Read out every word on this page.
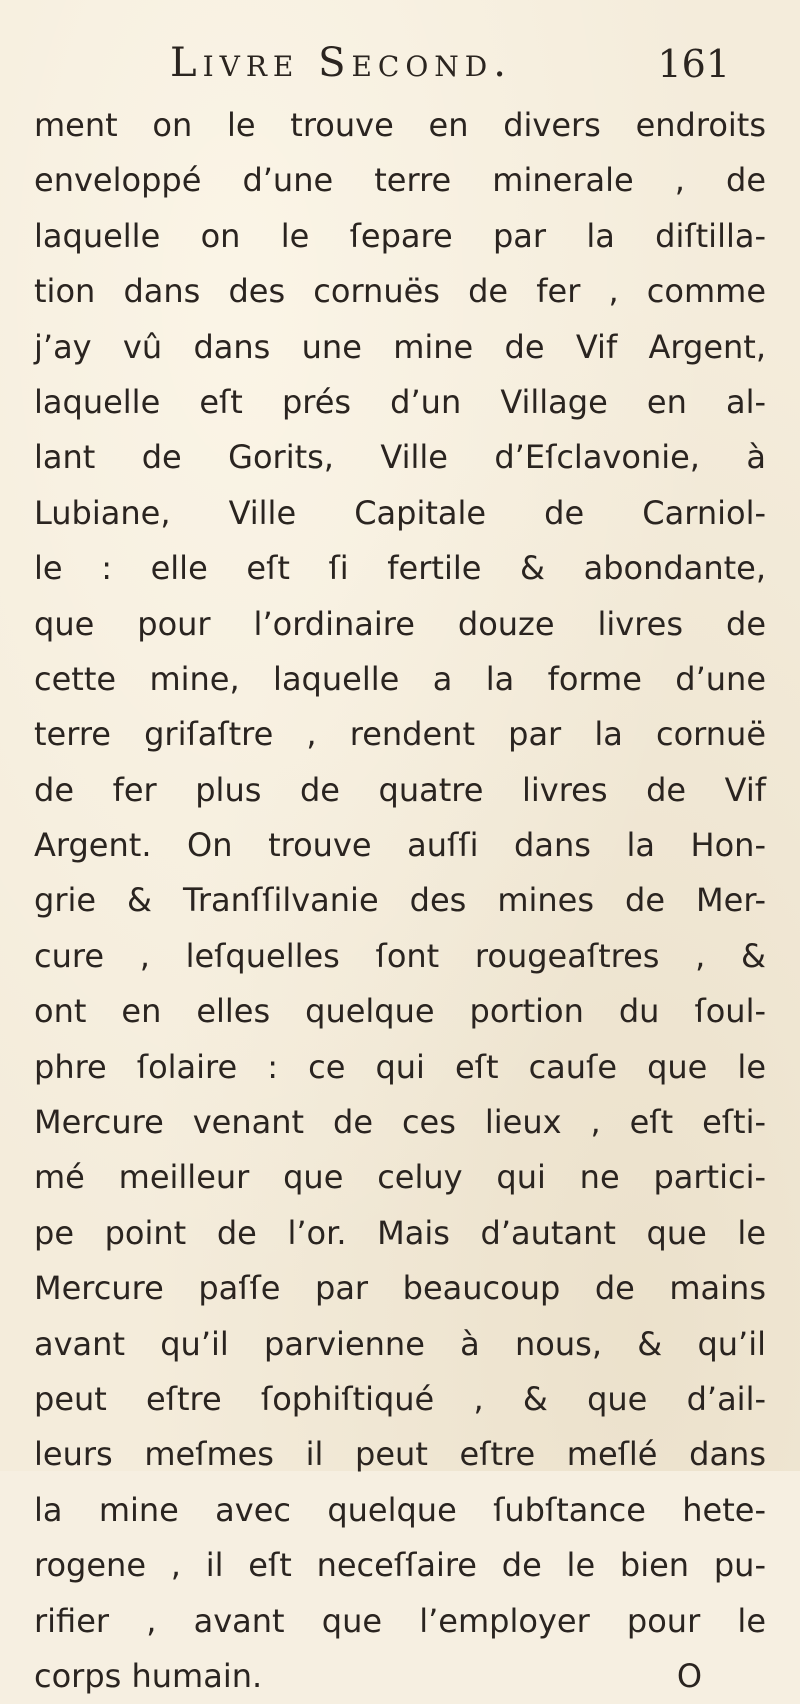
Livre Second.	161
ment on le trouve en divers endroits
enveloppé d’une terre minerale , de
laquelle on le ſepare par la diſtilla-
tion dans des cornuës de fer , comme
j’ay vû dans une mine de Vif Argent,
laquelle eſt prés d’un Village en al-
lant de Gorits, Ville d’Eſclavonie, à
Lubiane, Ville Capitale de Carniol-
le : elle eſt ſi fertile & abondante,
que pour l’ordinaire douze livres de
cette mine, laquelle a la forme d’une
terre griſaſtre , rendent par la cornuë
de fer plus de quatre livres de Vif
Argent. On trouve auſſi dans la Hon-
grie & Tranſſilvanie des mines de Mer-
cure , leſquelles ſont rougeaſtres , &
ont en elles quelque portion du ſoul-
phre ſolaire : ce qui eſt cauſe que le
Mercure venant de ces lieux , eſt eſti-
mé meilleur que celuy qui ne partici-
pe point de l’or. Mais d’autant que le
Mercure paſſe par beaucoup de mains
avant qu’il parvienne à nous, & qu’il
peut eſtre ſophiſtiqué , & que d’ail-
leurs meſmes il peut eſtre meſlé dans
la mine avec quelque ſubſtance hete-
rogene , il eſt neceſſaire de le bien pu-
rifier , avant que l’employer pour le
corps humain.	O
